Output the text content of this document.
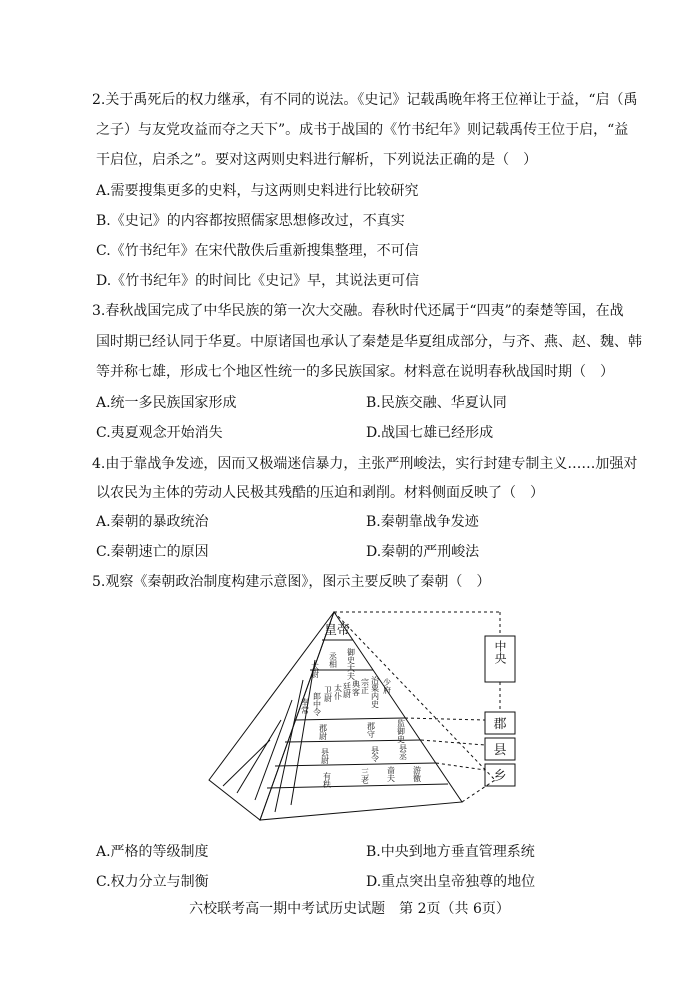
2.关于禹死后的权力继承，有不同的说法。《史记》记载禹晚年将王位禅让于益，“启（禹
之子）与友党攻益而夺之天下”。成书于战国的《竹书纪年》则记载禹传王位于启，“益
干启位，启杀之”。要对这两则史料进行解析，下列说法正确的是（　）
A.需要搜集更多的史料，与这两则史料进行比较研究
B.《史记》的内容都按照儒家思想修改过，不真实
C.《竹书纪年》在宋代散佚后重新搜集整理，不可信
D.《竹书纪年》的时间比《史记》早，其说法更可信
3.春秋战国完成了中华民族的第一次大交融。春秋时代还属于“四夷”的秦楚等国，在战
国时期已经认同于华夏。中原诸国也承认了秦楚是华夏组成部分，与齐、燕、赵、魏、韩
等并称七雄，形成七个地区性统一的多民族国家。材料意在说明春秋战国时期（　）
A.统一多民族国家形成	B.民族交融、华夏认同
C.夷夏观念开始消失	D.战国七雄已经形成
4.由于靠战争发迹，因而又极端迷信暴力，主张严刑峻法，实行封建专制主义……加强对
以农民为主体的劳动人民极其残酷的压迫和剥削。材料侧面反映了（　）
A.秦朝的暴政统治	B.秦朝靠战争发迹
C.秦朝速亡的原因	D.秦朝的严刑峻法
5.观察《秦朝政治制度构建示意图》，图示主要反映了秦朝（　）
皇帝
太尉
丞相 御史大夫
奉常 郎中令 卫尉 太仆 廷尉 典客 宗正 治粟内史 少府
郡尉	郡守	监御史
县尉	县令 县丞
有秩	三老 啬夫 游徼
中央
郡
县
乡
A.严格的等级制度	B.中央到地方垂直管理系统
C.权力分立与制衡	D.重点突出皇帝独尊的地位
六校联考高一期中考试历史试题　第 2页（共 6页）
